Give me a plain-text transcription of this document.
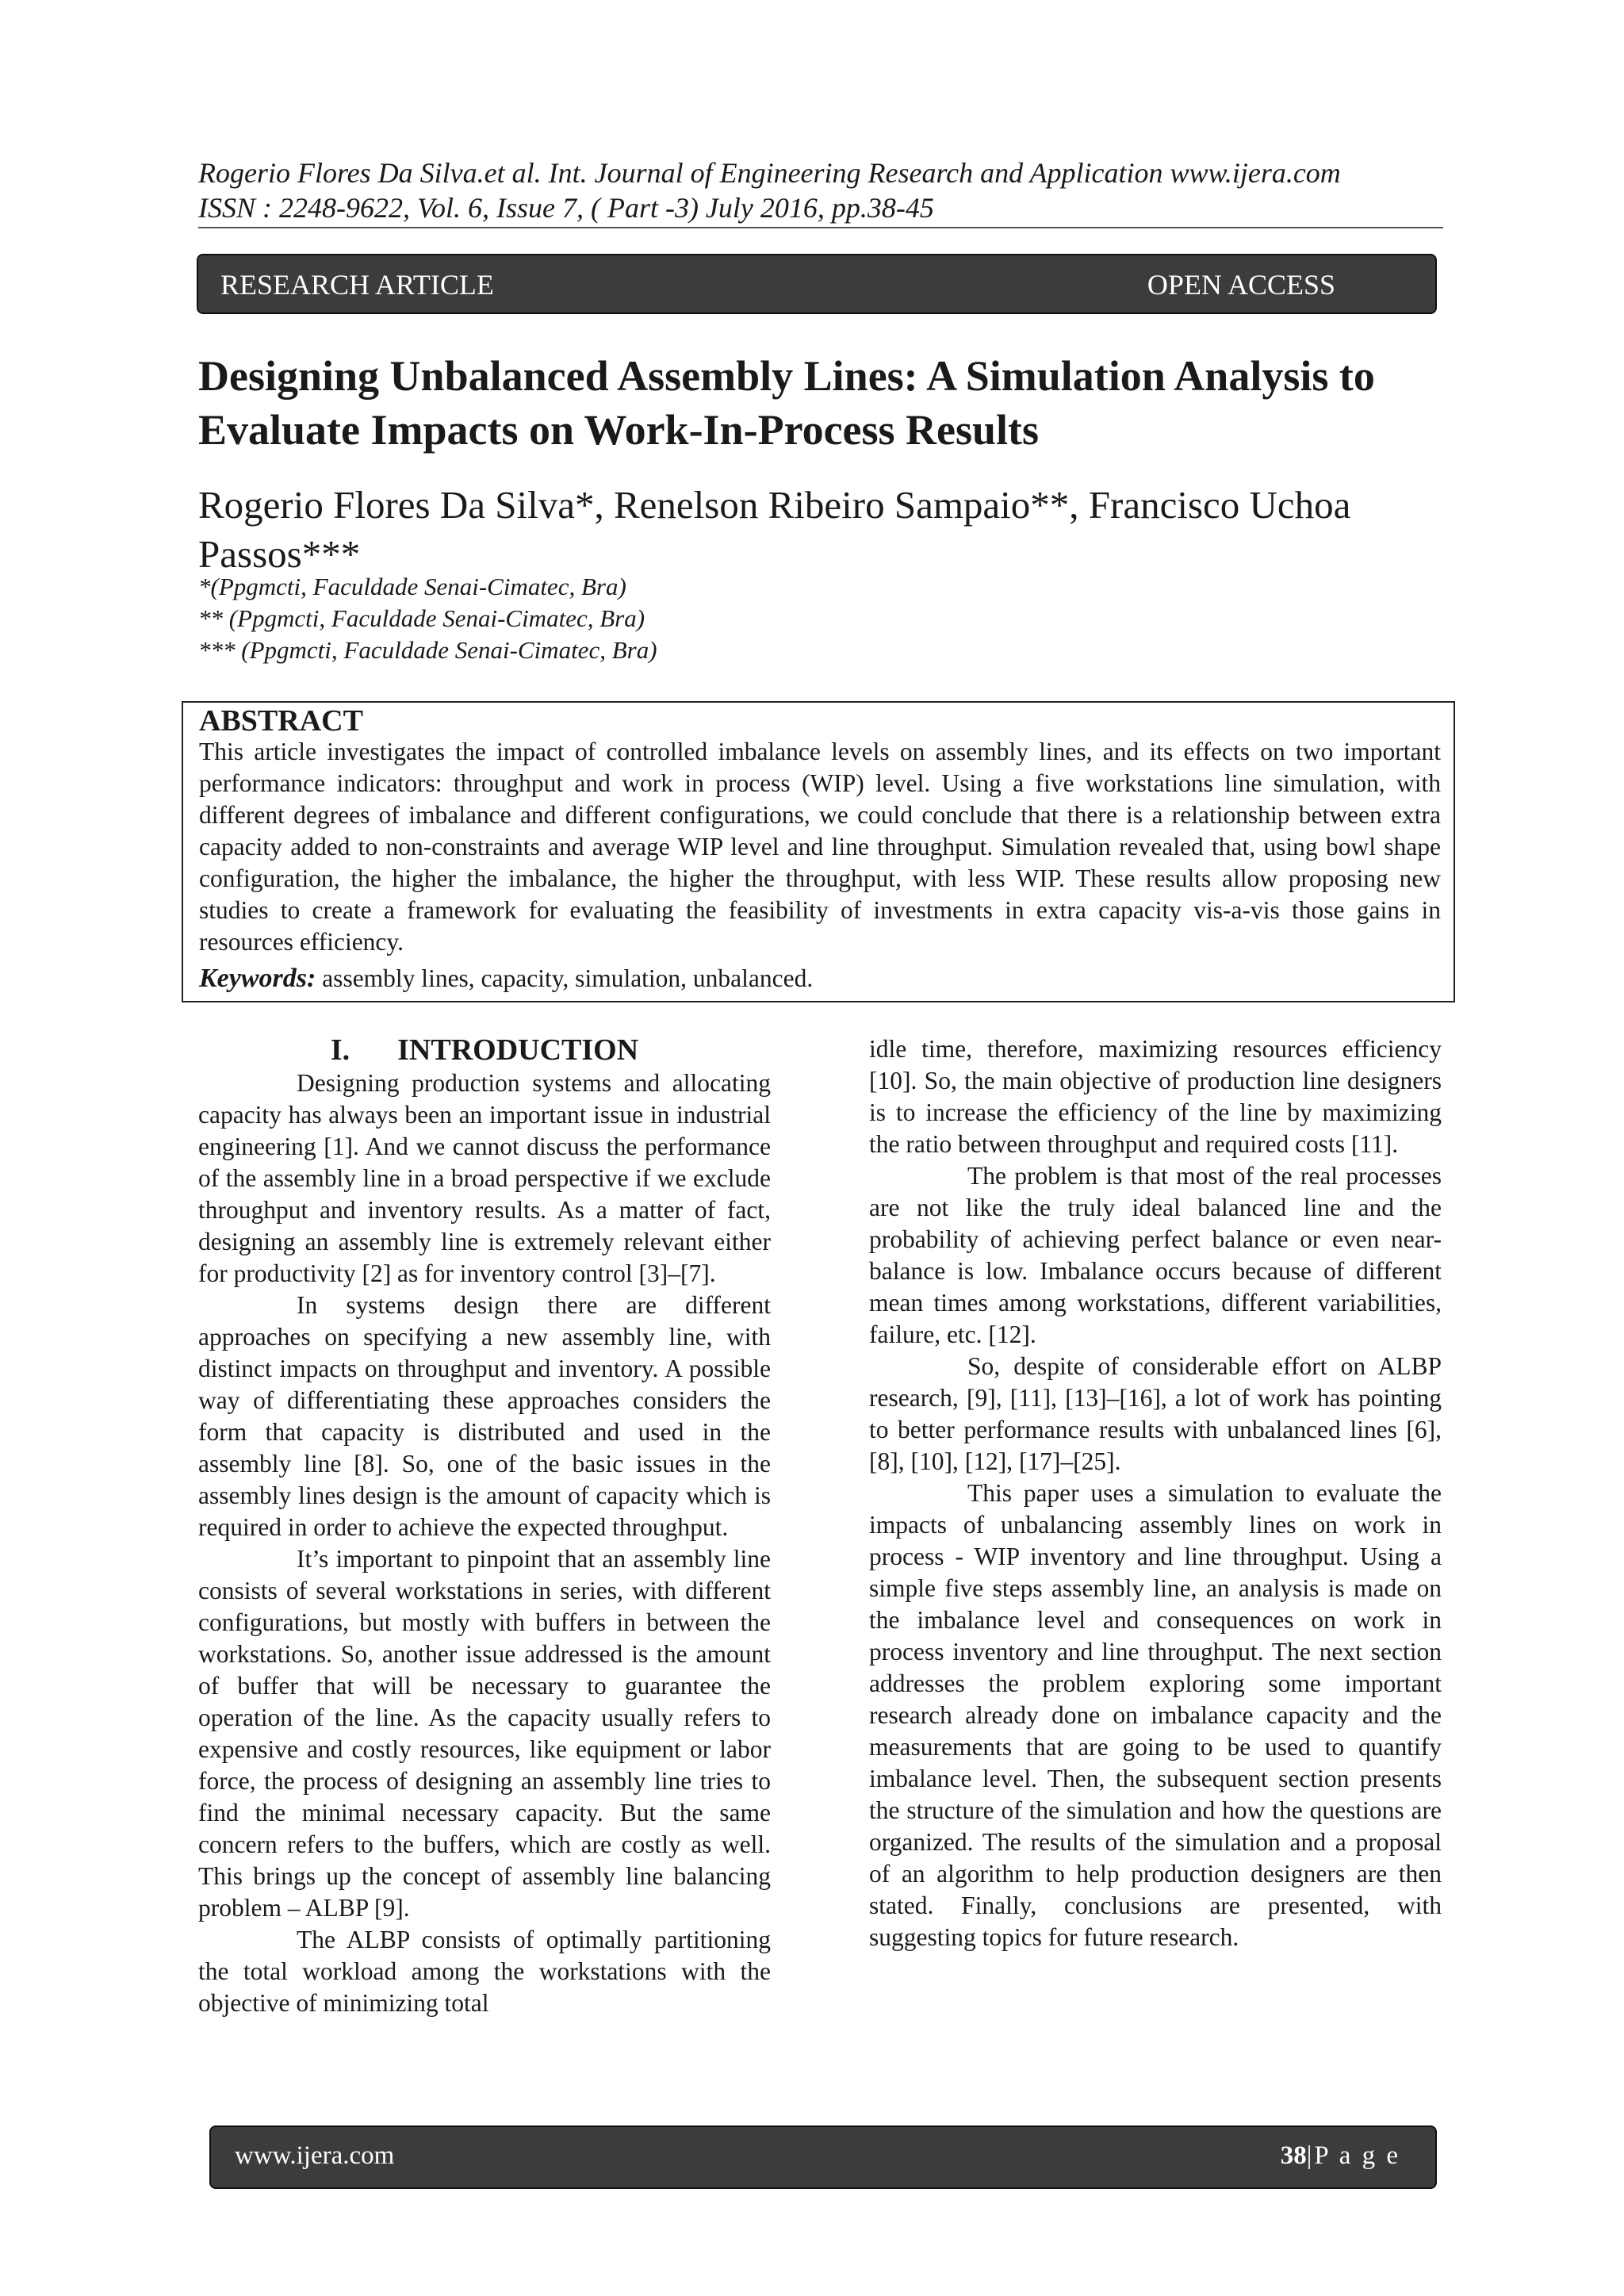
Rogerio Flores Da Silva.et al. Int. Journal of Engineering Research and Application www.ijera.com
ISSN : 2248-9622, Vol. 6, Issue 7, ( Part -3) July 2016, pp.38-45
RESEARCH ARTICLE	OPEN ACCESS
Designing Unbalanced Assembly Lines: A Simulation Analysis to Evaluate Impacts on Work-In-Process Results

Rogerio Flores Da Silva*, Renelson Ribeiro Sampaio**, Francisco Uchoa Passos***

*(Ppgmcti, Faculdade Senai-Cimatec, Bra)
** (Ppgmcti, Faculdade Senai-Cimatec, Bra)
*** (Ppgmcti, Faculdade Senai-Cimatec, Bra)
ABSTRACT

This article investigates the impact of controlled imbalance levels on assembly lines, and its effects on two important performance indicators: throughput and work in process (WIP) level. Using a five workstations line simulation, with different degrees of imbalance and different configurations, we could conclude that there is a relationship between extra capacity added to non-constraints and average WIP level and line throughput. Simulation revealed that, using bowl shape configuration, the higher the imbalance, the higher the throughput, with less WIP. These results allow proposing new studies to create a framework for evaluating the feasibility of investments in extra capacity vis-a-vis those gains in resources efficiency.

Keywords: assembly lines, capacity, simulation, unbalanced.

I. INTRODUCTION

Designing production systems and allocating capacity has always been an important issue in industrial engineering [1]. And we cannot discuss the performance of the assembly line in a broad perspective if we exclude throughput and inventory results. As a matter of fact, designing an assembly line is extremely relevant either for productivity [2] as for inventory control [3]–[7].

In systems design there are different approaches on specifying a new assembly line, with distinct impacts on throughput and inventory. A possible way of differentiating these approaches considers the form that capacity is distributed and used in the assembly line [8]. So, one of the basic issues in the assembly lines design is the amount of capacity which is required in order to achieve the expected throughput.

It’s important to pinpoint that an assembly line consists of several workstations in series, with different configurations, but mostly with buffers in between the workstations. So, another issue addressed is the amount of buffer that will be necessary to guarantee the operation of the line. As the capacity usually refers to expensive and costly resources, like equipment or labor force, the process of designing an assembly line tries to find the minimal necessary capacity. But the same concern refers to the buffers, which are costly as well. This brings up the concept of assembly line balancing problem – ALBP [9].

The ALBP consists of optimally partitioning the total workload among the workstations with the objective of minimizing total

idle time, therefore, maximizing resources efficiency [10]. So, the main objective of production line designers is to increase the efficiency of the line by maximizing the ratio between throughput and required costs [11].

The problem is that most of the real processes are not like the truly ideal balanced line and the probability of achieving perfect balance or even near-balance is low. Imbalance occurs because of different mean times among workstations, different variabilities, failure, etc. [12].

So, despite of considerable effort on ALBP research, [9], [11], [13]–[16], a lot of work has pointing to better performance results with unbalanced lines [6], [8], [10], [12], [17]–[25].

This paper uses a simulation to evaluate the impacts of unbalancing assembly lines on work in process - WIP inventory and line throughput. Using a simple five steps assembly line, an analysis is made on the imbalance level and consequences on work in process inventory and line throughput. The next section addresses the problem exploring some important research already done on imbalance capacity and the measurements that are going to be used to quantify imbalance level. Then, the subsequent section presents the structure of the simulation and how the questions are organized. The results of the simulation and a proposal of an algorithm to help production designers are then stated. Finally, conclusions are presented, with suggesting topics for future research.

www.ijera.com	38|P a g e
